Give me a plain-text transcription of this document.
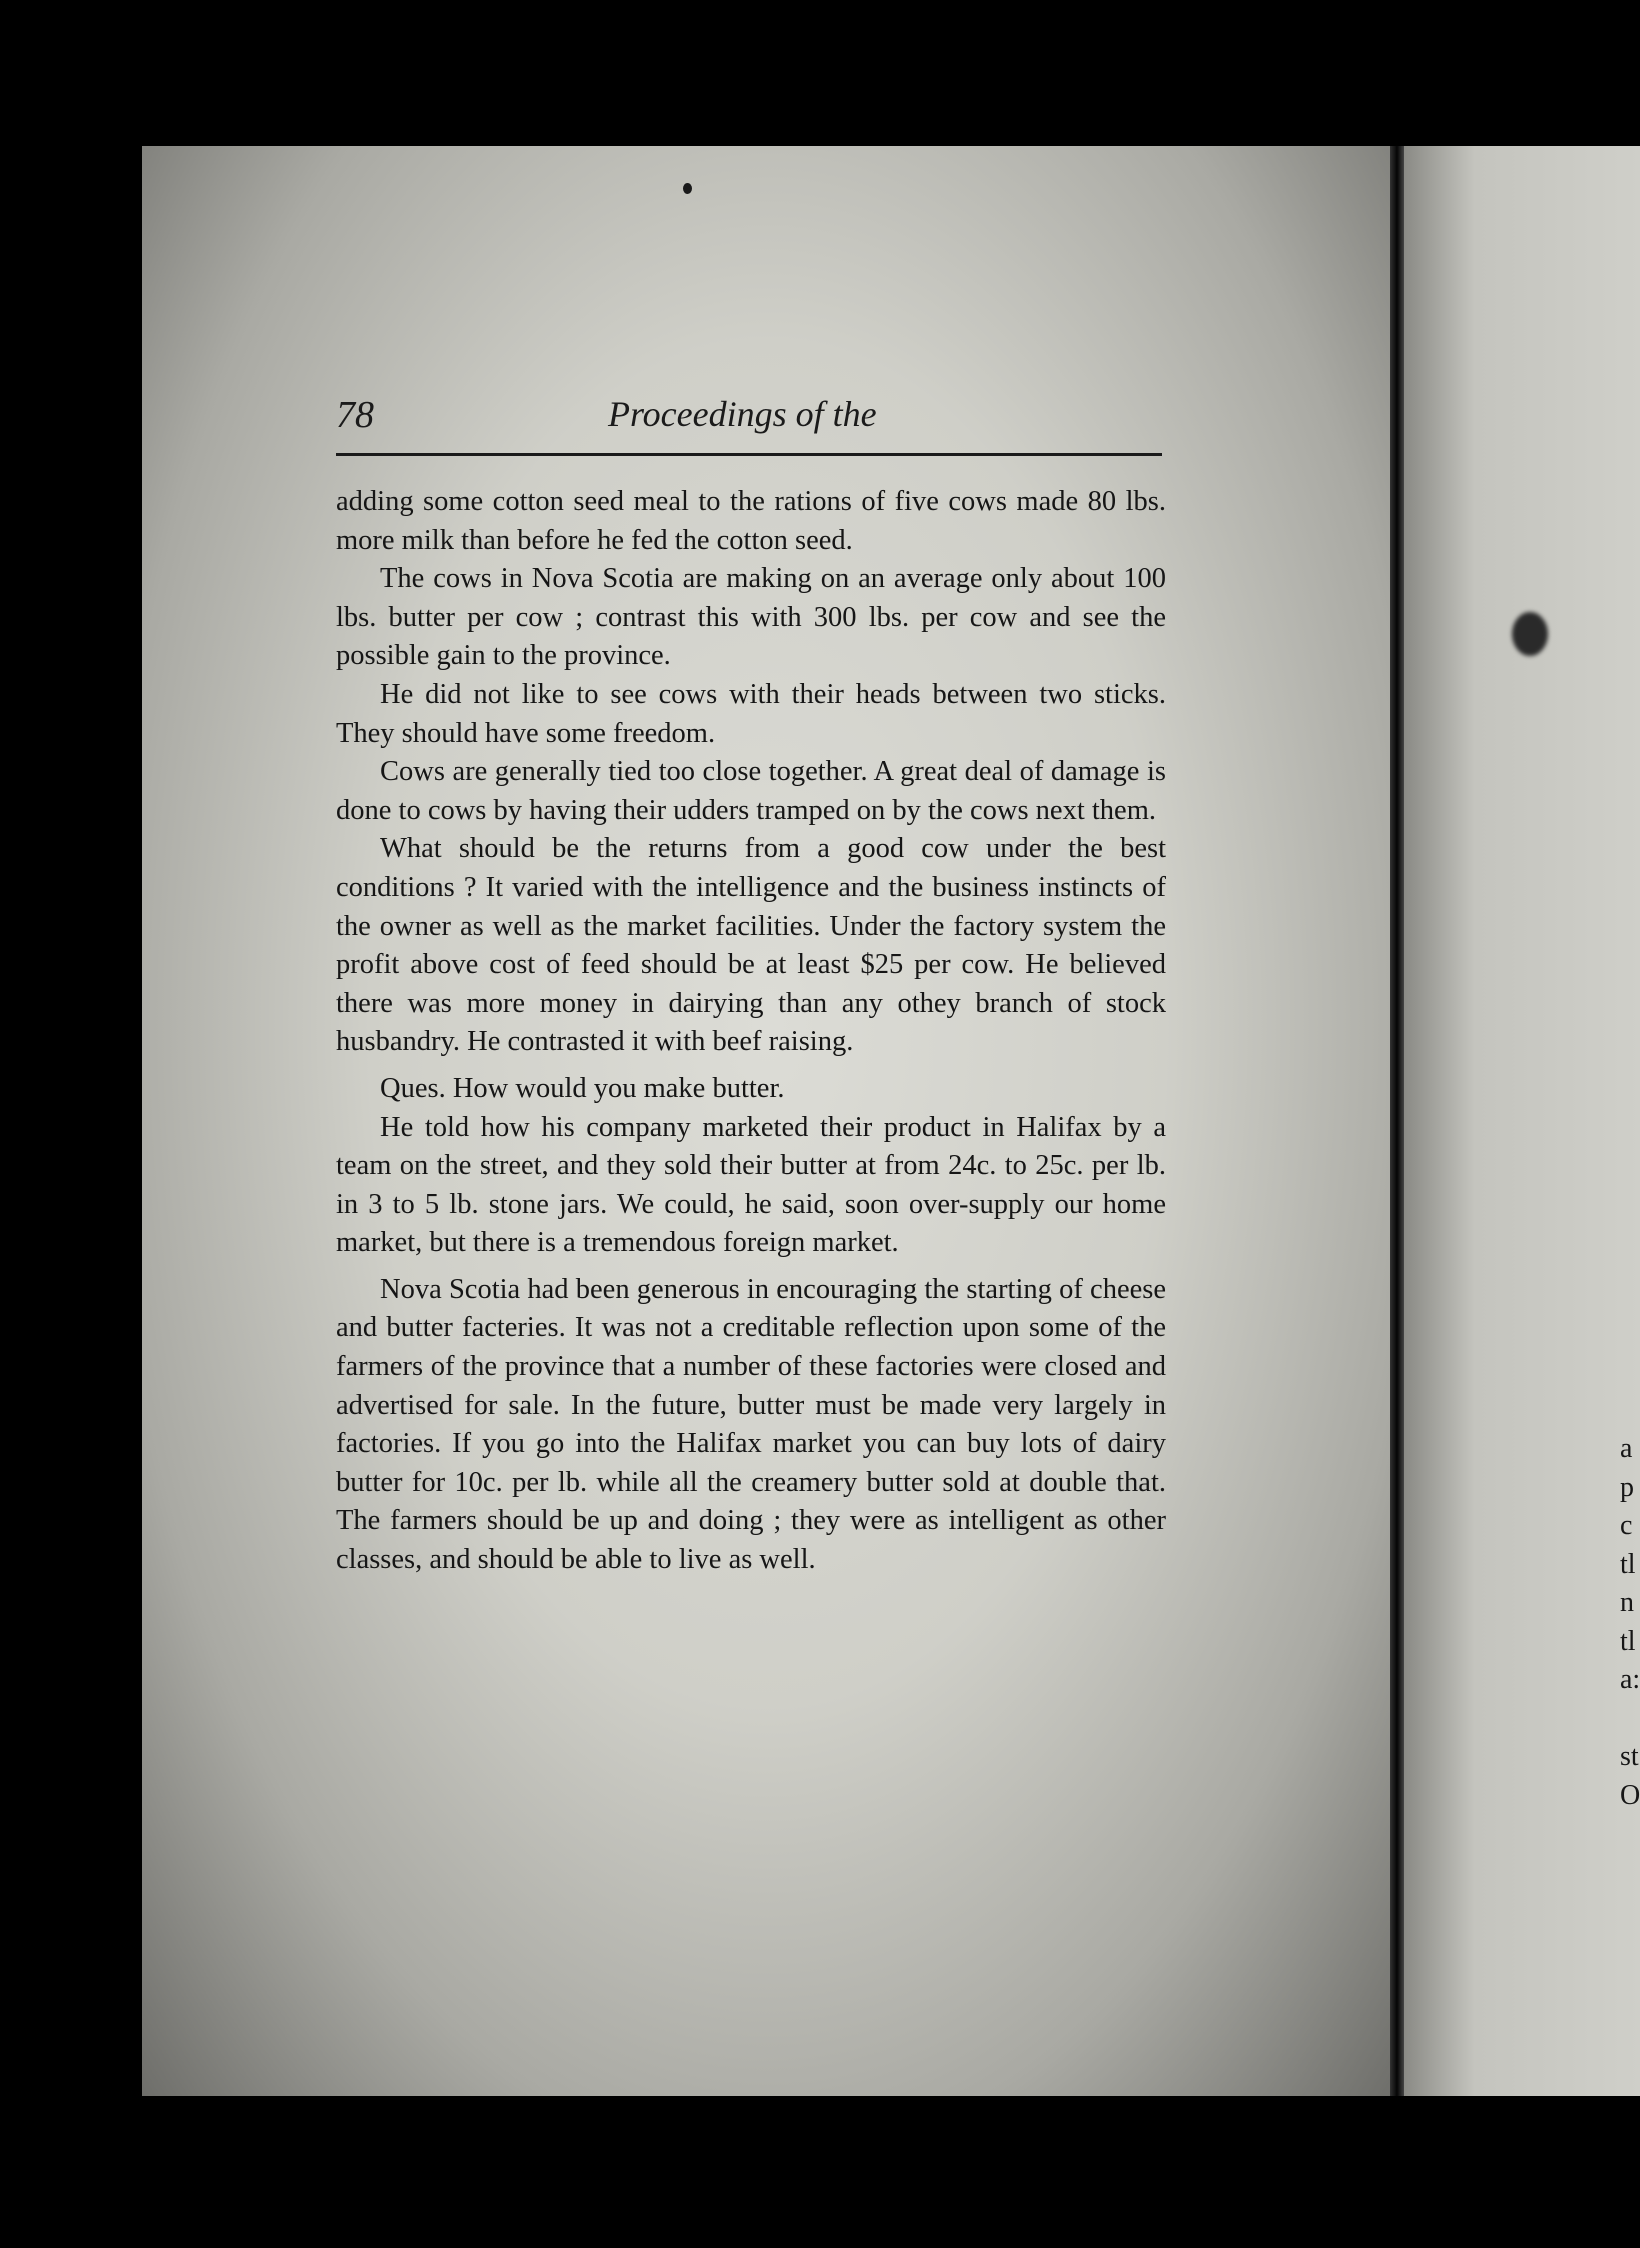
78	Proceedings of the

adding some cotton seed meal to the rations of five cows made 80 lbs. more milk than before he fed the cotton seed.

The cows in Nova Scotia are making on an average only about 100 lbs. butter per cow ; contrast this with 300 lbs. per cow and see the possible gain to the province.

He did not like to see cows with their heads between two sticks. They should have some freedom.

Cows are generally tied too close together. A great deal of damage is done to cows by having their udders tramped on by the cows next them.

What should be the returns from a good cow under the best conditions ? It varied with the intelligence and the business instincts of the owner as well as the market facilities. Under the factory system the profit above cost of feed should be at least $25 per cow. He believed there was more money in dairying than any othey branch of stock husbandry. He contrasted it with beef raising.

Ques. How would you make butter.

He told how his company marketed their product in Halifax by a team on the street, and they sold their butter at from 24c. to 25c. per lb. in 3 to 5 lb. stone jars. We could, he said, soon over-supply our home market, but there is a tremendous foreign market.

Nova Scotia had been generous in encouraging the starting of cheese and butter facteries. It was not a creditable reflection upon some of the farmers of the province that a number of these factories were closed and advertised for sale. In the future, butter must be made very largely in factories. If you go into the Halifax market you can buy lots of dairy butter for 10c. per lb. while all the creamery butter sold at double that. The farmers should be up and doing ; they were as intelligent as other classes, and should be able to live as well.

a
p
c
tl
n
tl
a:

st
O
